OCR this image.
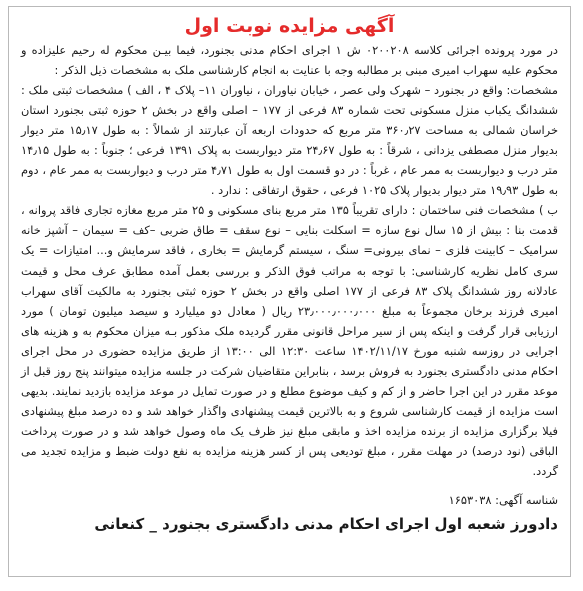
آگهی مزایده نوبت اول

در مورد پرونده اجرائی کلاسه ۰۲۰۰۲۰۸ ش ۱ اجرای احکام مدنی بجنورد، فیما بیـن محکوم له رحیم علیزاده و محکوم علیه سهراب امیری مبنی بر مطالبه وجه با عنایت به انجام کارشناسی ملک به مشخصات ذیل الذکر :

مشخصات: واقع در بجنورد – شهرک ولی عصر ، خیابان نیاوران ، نیاوران ۱۱– پلاک ۴ ، الف ) مشخصات ثبتی ملک : ششدانگ یکباب منزل مسکونی تحت شماره ۸۳ فرعی از ۱۷۷ – اصلی واقع در بخش ۲ حوزه ثبتی بجنورد استان خراسان شمالی به مساحت ۳۶۰٫۲۷ متر مربع که حدودات اربعه آن عبارتند از شمالاً : به طول ۱۵٫۱۷ متر دیوار بدیوار منزل مصطفی یزدانی ، شرقاً : به طول ۲۴٫۶۷ متر دیواربست به پلاک ۱۳۹۱ فرعی ؛ جنوباً : به طول ۱۴٫۱۵ متر درب و دیواربست به ممر عام ، غرباً : در دو قسمت اول به طول ۴٫۷۱ متر درب و دیواربست به ممر عام ، دوم به طول ۱۹٫۹۳ متر دیوار بدیوار پلاک ۱۰۲۵ فرعی ، حقوق ارتفاقی : ندارد .

ب ) مشخصات فنی ساختمان : دارای تقریباً ۱۳۵ متر مربع بنای مسکونی و ۲۵ متر مربع مغازه تجاری فاقد پروانه ، قدمت بنا : بیش از ۱۵ سال نوع سازه = اسکلت بنایی – نوع سقف = طاق ضربی –کف = سیمان – آشپز خانه سرامیک – کابینت فلزی – نمای بیرونی= سنگ ، سیستم گرمایش = بخاری ، فاقد سرمایش و... امتیازات = یک سری کامل نظریه کارشناسی: با توجه به مراتب فوق الذکر و بررسی بعمل آمده مطابق عرف محل و قیمت عادلانه روز ششدانگ پلاک ۸۳ فرعی از ۱۷۷ اصلی واقع در بخش ۲ حوزه ثبتی بجنورد به مالکیت آقای سهراب امیری فرزند برخان مجموعاً به مبلغ ۲۳٫۰۰۰٫۰۰۰٫۰۰۰ ریال ( معادل دو میلیارد و سیصد میلیون تومان ) مورد ارزیابی قرار گرفت و اینکه پس از سیر مراحل قانونی مقرر گردیده ملک مذکور بـه میزان محکوم به و هزینه های اجرایی در روزسه شنبه مورخ ۱۴۰۲/۱۱/۱۷ ساعت ۱۲:۳۰ الی ۱۳:۰۰ از طریق مزایده حضوری در محل اجرای احکام مدنی دادگستری بجنورد به فروش برسد ، بنابراین متقاضیان شرکت در جلسه مزایده میتوانند پنج روز قبل از موعد مقرر در این اجرا حاضر و از کم و کیف موضوع مطلع و در صورت تمایل در موعد مزایده بازدید نمایند. بدیهی است مزایده از قیمت کارشناسی شروع و به بالاترین قیمت پیشنهادی واگذار خواهد شد و ده درصد مبلغ پیشنهادی فیلا برگزاری مزایده از برنده مزایده اخذ و مابقی مبلغ نیز ظرف یک ماه وصول خواهد شد و در صورت پرداخت الباقی (نود درصد) در مهلت مقرر ، مبلغ تودیعی پس از کسر هزینه مزایده به نفع دولت ضبط و مزایده تجدید می گردد.

شناسه آگهی: ۱۶۵۳۰۳۸
دادورز شعبه اول اجرای احکام مدنی دادگستری بجنورد _ کنعانی
